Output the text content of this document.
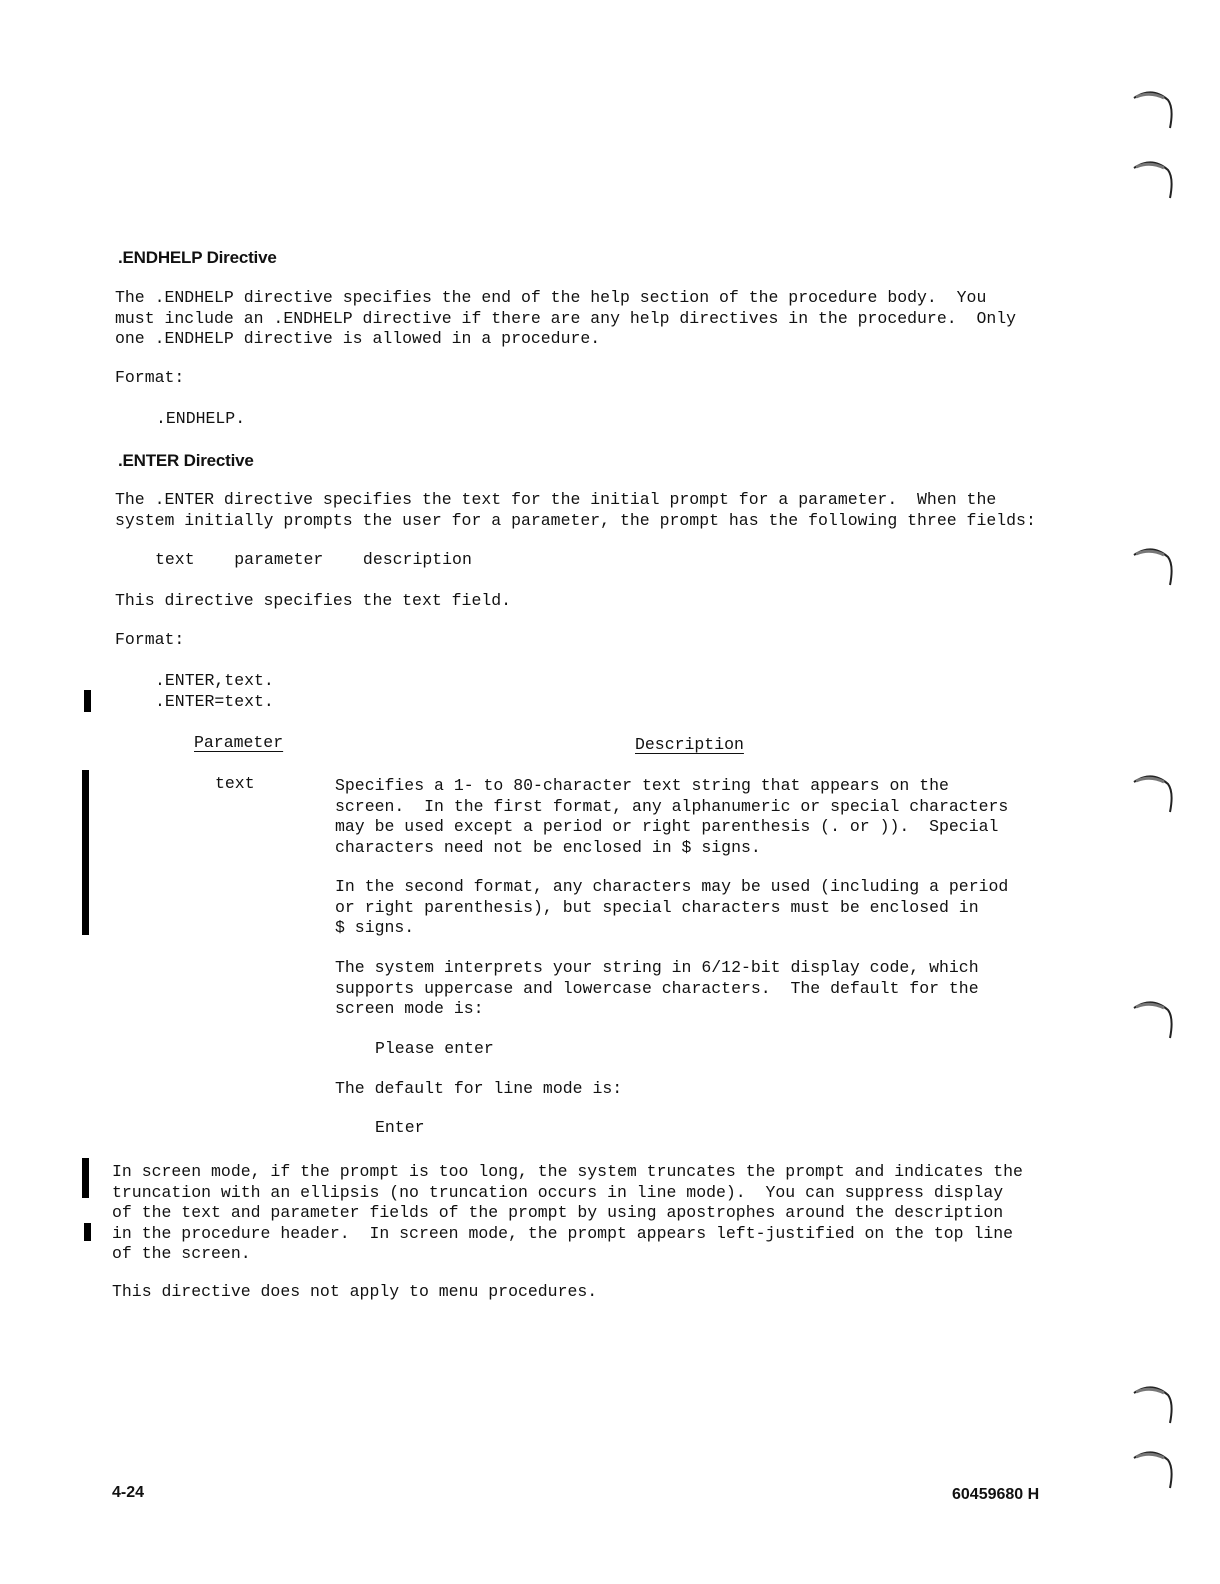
.ENDHELP Directive
The .ENDHELP directive specifies the end of the help section of the procedure body.  You
must include an .ENDHELP directive if there are any help directives in the procedure.  Only
one .ENDHELP directive is allowed in a procedure.
Format:
.ENDHELP.
.ENTER Directive
The .ENTER directive specifies the text for the initial prompt for a parameter.  When the
system initially prompts the user for a parameter, the prompt has the following three fields:
text    parameter    description
This directive specifies the text field.
Format:
.ENTER,text.
.ENTER=text.
Parameter	Description
text	Specifies a 1- to 80-character text string that appears on the
screen.  In the first format, any alphanumeric or special characters
may be used except a period or right parenthesis (. or )).  Special
characters need not be enclosed in $ signs.
In the second format, any characters may be used (including a period
or right parenthesis), but special characters must be enclosed in
$ signs.
The system interprets your string in 6/12-bit display code, which
supports uppercase and lowercase characters.  The default for the
screen mode is:
Please enter
The default for line mode is:
Enter
In screen mode, if the prompt is too long, the system truncates the prompt and indicates the
truncation with an ellipsis (no truncation occurs in line mode).  You can suppress display
of the text and parameter fields of the prompt by using apostrophes around the description
in the procedure header.  In screen mode, the prompt appears left-justified on the top line
of the screen.
This directive does not apply to menu procedures.
4-24	60459680 H
